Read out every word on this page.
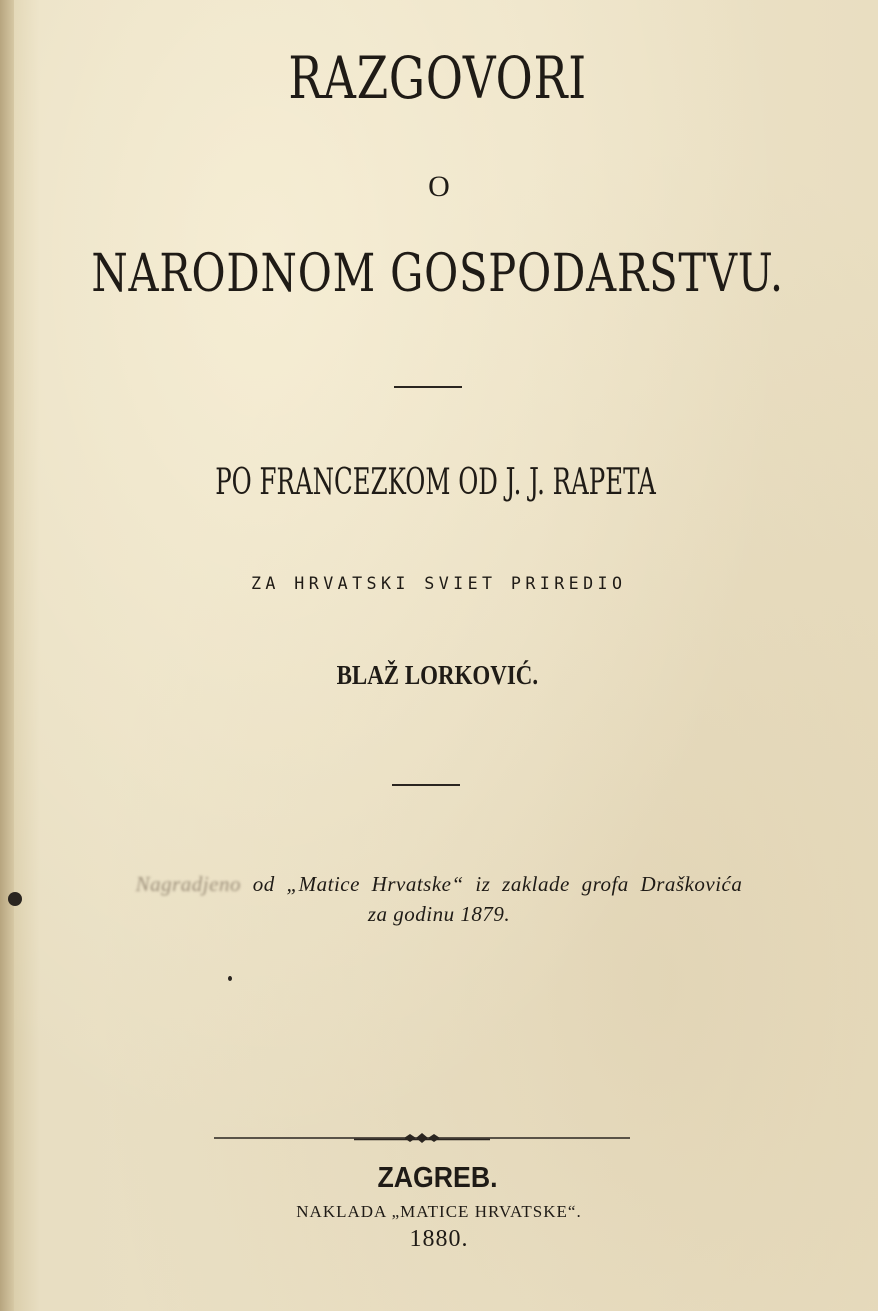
RAZGOVORI
O
NARODNOM GOSPODARSTVU.
PO FRANCEZKOM OD J. J. RAPETA
ZA HRVATSKI SVIET PRIREDIO
BLAŽ LORKOVIĆ.
Nagradjeno od „Matice Hrvatske“ iz zaklade grofa Draškovića
za godinu 1879.
ZAGREB.
NAKLADA „MATICE HRVATSKE“.
1880.
